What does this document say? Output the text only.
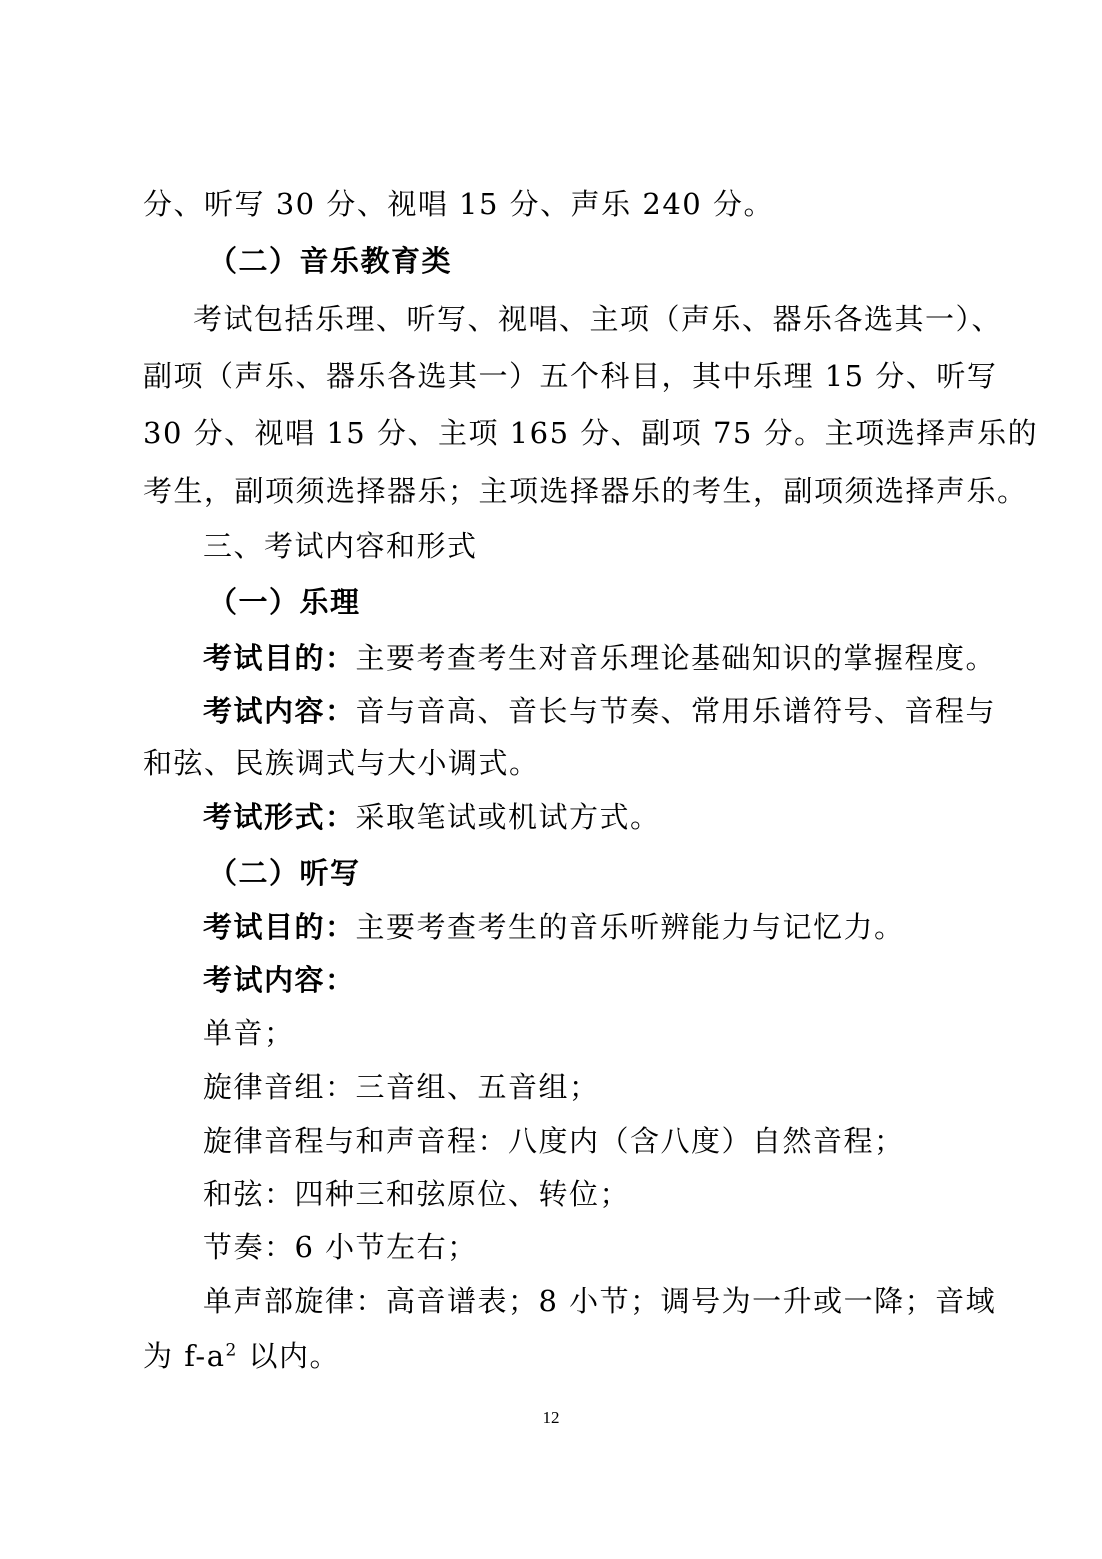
分、听写 30 分、视唱 15 分、声乐 240 分。
（二）音乐教育类
考试包括乐理、听写、视唱、主项（声乐、器乐各选其一）、
副项（声乐、器乐各选其一）五个科目，其中乐理 15 分、听写
30 分、视唱 15 分、主项 165 分、副项 75 分。主项选择声乐的
考生，副项须选择器乐；主项选择器乐的考生，副项须选择声乐。
三、考试内容和形式
（一）乐理
考试目的：主要考查考生对音乐理论基础知识的掌握程度。
考试内容：音与音高、音长与节奏、常用乐谱符号、音程与
和弦、民族调式与大小调式。
考试形式：采取笔试或机试方式。
（二）听写
考试目的：主要考查考生的音乐听辨能力与记忆力。
考试内容：
单音；
旋律音组：三音组、五音组；
旋律音程与和声音程：八度内（含八度）自然音程；
和弦：四种三和弦原位、转位；
节奏：6 小节左右；
单声部旋律：高音谱表；8 小节；调号为一升或一降；音域
为 $f-a^2$ 以内。
12
